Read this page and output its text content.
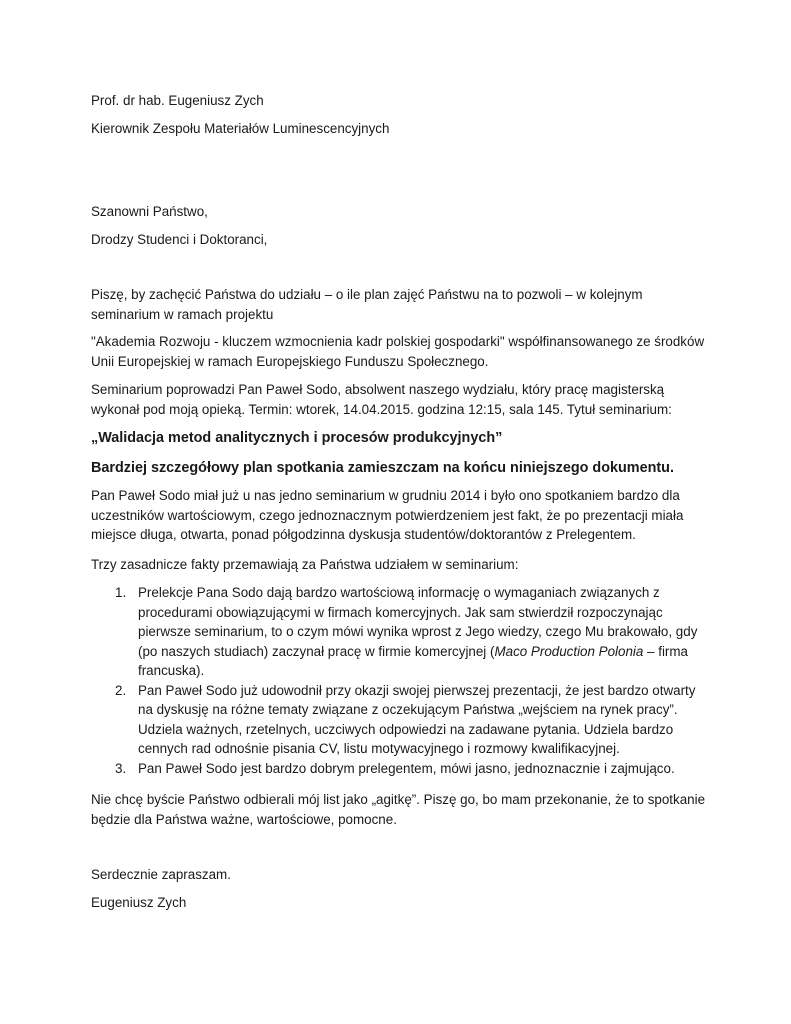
Prof. dr hab. Eugeniusz Zych

Kierownik Zespołu Materiałów Luminescencyjnych

Szanowni Państwo,

Drodzy Studenci i Doktoranci,

Piszę, by zachęcić Państwa do udziału – o ile plan zajęć Państwu na to pozwoli – w kolejnym seminarium w ramach projektu

"Akademia Rozwoju - kluczem wzmocnienia kadr polskiej gospodarki" współfinansowanego ze środków Unii Europejskiej w ramach Europejskiego Funduszu Społecznego.

Seminarium poprowadzi Pan Paweł Sodo, absolwent naszego wydziału, który pracę magisterską wykonał pod moją opieką. Termin: wtorek, 14.04.2015. godzina 12:15, sala 145. Tytuł seminarium:

„Walidacja metod analitycznych i procesów produkcyjnych”

Bardziej szczegółowy plan spotkania zamieszczam na końcu niniejszego dokumentu.

Pan Paweł Sodo miał już u nas jedno seminarium w grudniu 2014 i było ono spotkaniem bardzo dla uczestników wartościowym, czego jednoznacznym potwierdzeniem jest fakt, że po prezentacji miała miejsce długa, otwarta, ponad półgodzinna dyskusja studentów/doktorantów z Prelegentem.

Trzy zasadnicze fakty przemawiają za Państwa udziałem w seminarium:

1. Prelekcje Pana Sodo dają bardzo wartościową informację o wymaganiach związanych z procedurami obowiązującymi w firmach komercyjnych. Jak sam stwierdził rozpoczynając pierwsze seminarium, to o czym mówi wynika wprost z Jego wiedzy, czego Mu brakowało, gdy (po naszych studiach) zaczynał pracę w firmie komercyjnej (Maco Production Polonia – firma francuska).
2. Pan Paweł Sodo już udowodnił przy okazji swojej pierwszej prezentacji, że jest bardzo otwarty na dyskusję na różne tematy związane z oczekującym Państwa „wejściem na rynek pracy”. Udziela ważnych, rzetelnych, uczciwych odpowiedzi na zadawane pytania. Udziela bardzo cennych rad odnośnie pisania CV, listu motywacyjnego i rozmowy kwalifikacyjnej.
3. Pan Paweł Sodo jest bardzo dobrym prelegentem, mówi jasno, jednoznacznie i zajmująco.

Nie chcę byście Państwo odbierali mój list jako „agitkę”. Piszę go, bo mam przekonanie, że to spotkanie będzie dla Państwa ważne, wartościowe, pomocne.

Serdecznie zapraszam.

Eugeniusz Zych
